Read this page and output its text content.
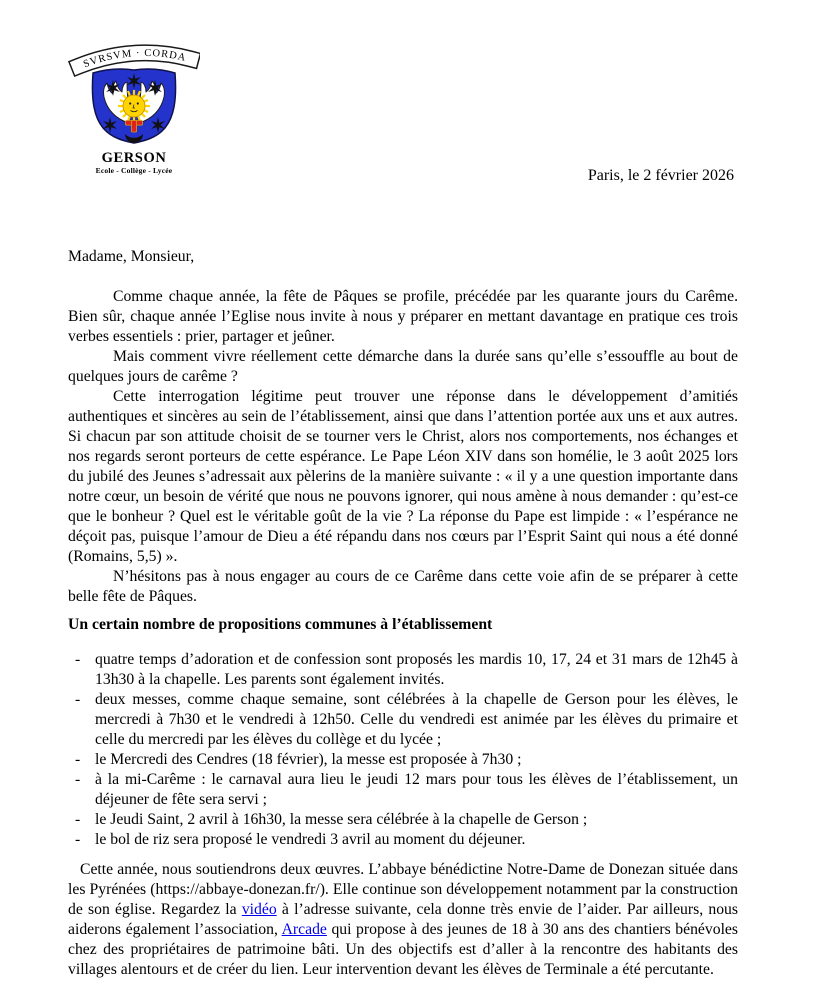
SVRSVM · CORDA
GERSON
Ecole - Collège - Lycée	Paris, le 2 février 2026

Madame, Monsieur,

Comme chaque année, la fête de Pâques se profile, précédée par les quarante jours du Carême. Bien sûr, chaque année l’Eglise nous invite à nous y préparer en mettant davantage en pratique ces trois verbes essentiels : prier, partager et jeûner.

Mais comment vivre réellement cette démarche dans la durée sans qu’elle s’essouffle au bout de quelques jours de carême ?

Cette interrogation légitime peut trouver une réponse dans le développement d’amitiés authentiques et sincères au sein de l’établissement, ainsi que dans l’attention portée aux uns et aux autres. Si chacun par son attitude choisit de se tourner vers le Christ, alors nos comportements, nos échanges et nos regards seront porteurs de cette espérance. Le Pape Léon XIV dans son homélie, le 3 août 2025 lors du jubilé des Jeunes s’adressait aux pèlerins de la manière suivante : « il y a une question importante dans notre cœur, un besoin de vérité que nous ne pouvons ignorer, qui nous amène à nous demander : qu’est-ce que le bonheur ? Quel est le véritable goût de la vie ? La réponse du Pape est limpide : « l’espérance ne déçoit pas, puisque l’amour de Dieu a été répandu dans nos cœurs par l’Esprit Saint qui nous a été donné (Romains, 5,5) ».

N’hésitons pas à nous engager au cours de ce Carême dans cette voie afin de se préparer à cette belle fête de Pâques.

Un certain nombre de propositions communes à l’établissement

- quatre temps d’adoration et de confession sont proposés les mardis 10, 17, 24 et 31 mars de 12h45 à 13h30 à la chapelle. Les parents sont également invités.
- deux messes, comme chaque semaine, sont célébrées à la chapelle de Gerson pour les élèves, le mercredi à 7h30 et le vendredi à 12h50. Celle du vendredi est animée par les élèves du primaire et celle du mercredi par les élèves du collège et du lycée ;
- le Mercredi des Cendres (18 février), la messe est proposée à 7h30 ;
- à la mi-Carême : le carnaval aura lieu le jeudi 12 mars pour tous les élèves de l’établissement, un déjeuner de fête sera servi ;
- le Jeudi Saint, 2 avril à 16h30, la messe sera célébrée à la chapelle de Gerson ;
- le bol de riz sera proposé le vendredi 3 avril au moment du déjeuner.

Cette année, nous soutiendrons deux œuvres. L’abbaye bénédictine Notre-Dame de Donezan située dans les Pyrénées (https://abbaye-donezan.fr/). Elle continue son développement notamment par la construction de son église. Regardez la vidéo à l’adresse suivante, cela donne très envie de l’aider. Par ailleurs, nous aiderons également l’association, Arcade qui propose à des jeunes de 18 à 30 ans des chantiers bénévoles chez des propriétaires de patrimoine bâti. Un des objectifs est d’aller à la rencontre des habitants des villages alentours et de créer du lien. Leur intervention devant les élèves de Terminale a été percutante.
